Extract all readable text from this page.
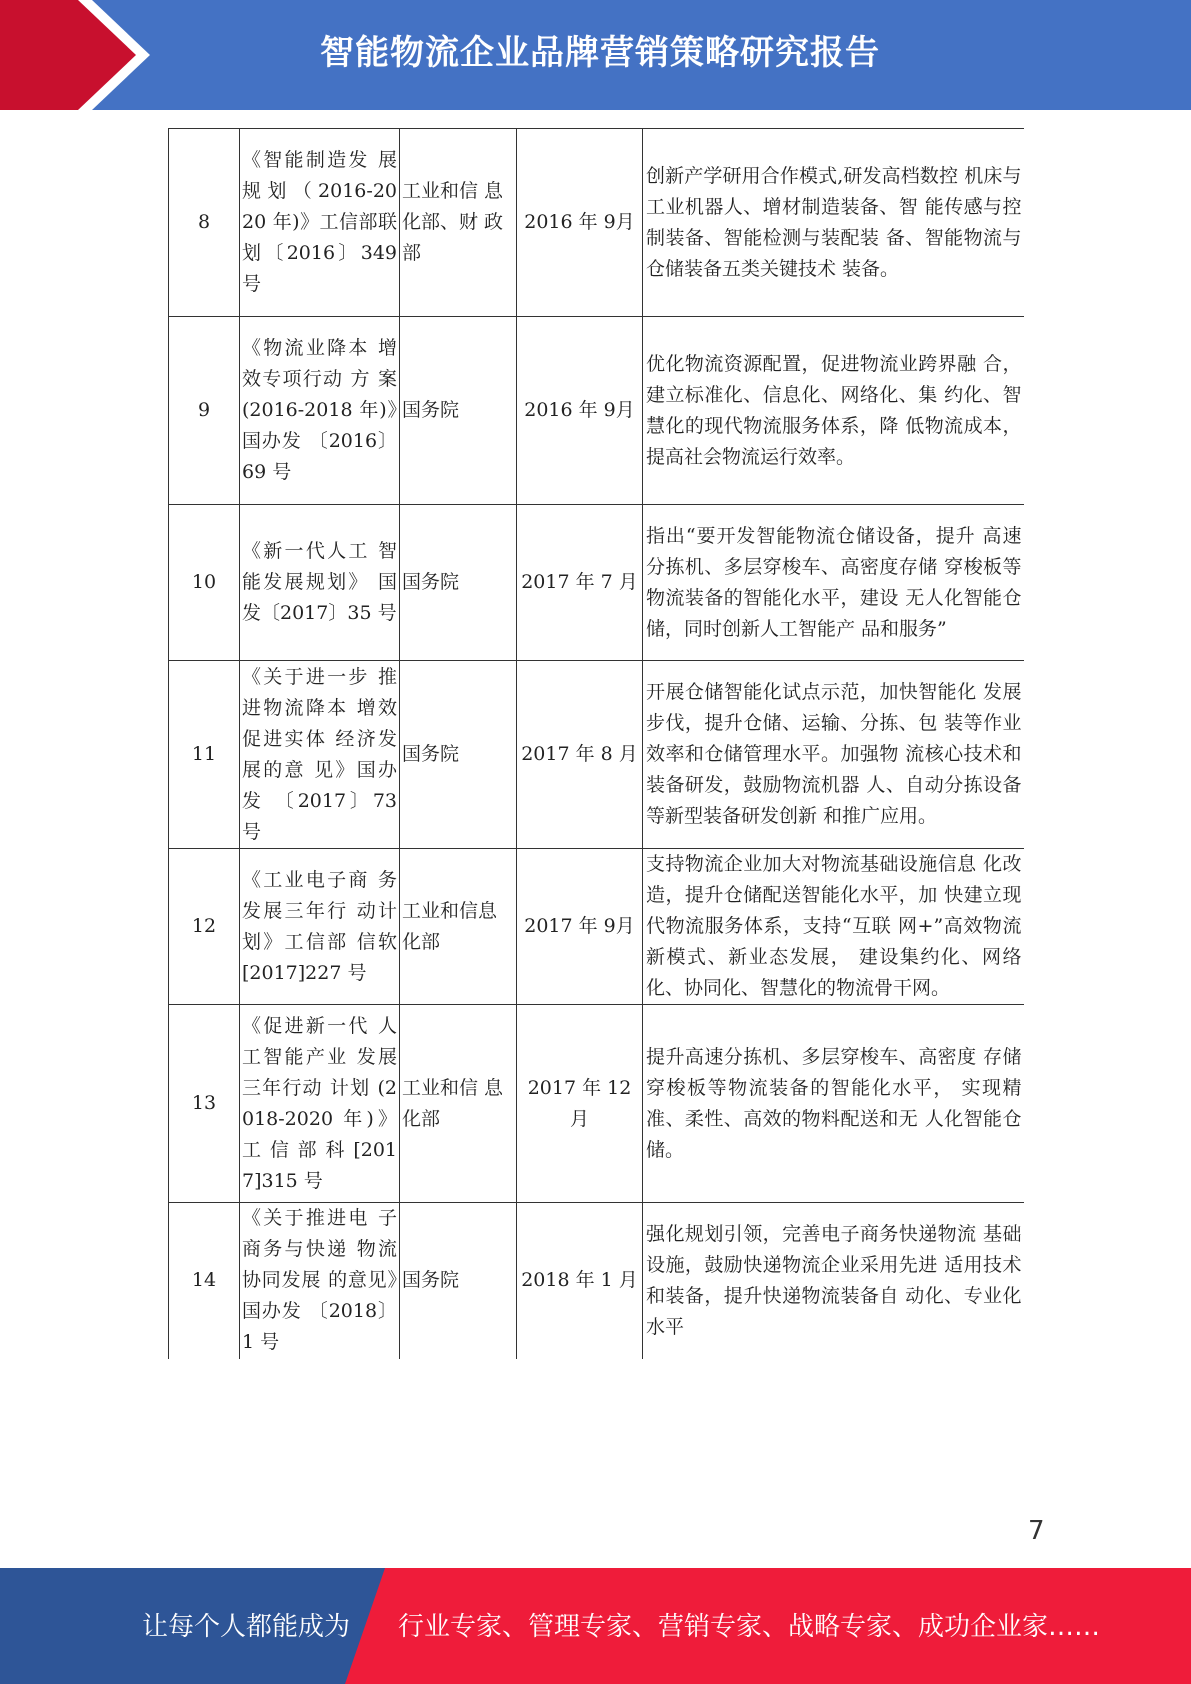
智能物流企业品牌营销策略研究报告
8	《智能制造发 展规 划 （ 2016-2020 年)》工信部联 划〔2016〕349 号	工业和信 息化部、财 政部	2016 年 9月	创新产学研用合作模式,研发高档数控 机床与工业机器人、增材制造装备、智 能传感与控制装备、智能检测与装配装 备、智能物流与仓储装备五类关键技术 装备。
9	《物流业降本 增效专项行动 方 案 (2016-2018 年)》国办发 〔2016〕69 号	国务院	2016 年 9月	优化物流资源配置，促进物流业跨界融 合，建立标准化、信息化、网络化、集 约化、智慧化的现代物流服务体系，降 低物流成本，提高社会物流运行效率。
10	《新一代人工 智能发展规划》 国发〔2017〕35 号	国务院	2017 年 7 月	指出“要开发智能物流仓储设备，提升 高速分拣机、多层穿梭车、高密度存储 穿梭板等物流装备的智能化水平，建设 无人化智能仓储，同时创新人工智能产 品和服务”
11	《关于进一步 推进物流降本 增效促进实体 经济发展的意 见》国办发 〔2017〕73 号	国务院	2017 年 8 月	开展仓储智能化试点示范，加快智能化 发展步伐，提升仓储、运输、分拣、包 装等作业效率和仓储管理水平。加强物 流核心技术和装备研发，鼓励物流机器 人、自动分拣设备等新型装备研发创新 和推广应用。
12	《工业电子商 务发展三年行 动计划》工信部 信软[2017]227 号	工业和信息化部	2017 年 9月	支持物流企业加大对物流基础设施信息 化改造，提升仓储配送智能化水平，加 快建立现代物流服务体系，支持“互联 网+”高效物流新模式、新业态发展， 建设集约化、网络化、协同化、智慧化的物流骨干网。
13	《促进新一代 人工智能产业 发展三年行动 计划 (2018-2020 年)》工 信 部 科 [2017]315 号	工业和信 息化部	2017 年 12 月	提升高速分拣机、多层穿梭车、高密度 存储穿梭板等物流装备的智能化水平， 实现精准、柔性、高效的物料配送和无 人化智能仓储。
14	《关于推进电 子商务与快递 物流协同发展 的意见》国办发 〔2018〕1 号	国务院	2018 年 1 月	强化规划引领，完善电子商务快递物流 基础设施，鼓励快递物流企业采用先进 适用技术和装备，提升快递物流装备自 动化、专业化水平
7
让每个人都能成为 行业专家、管理专家、营销专家、战略专家、成功企业家……
